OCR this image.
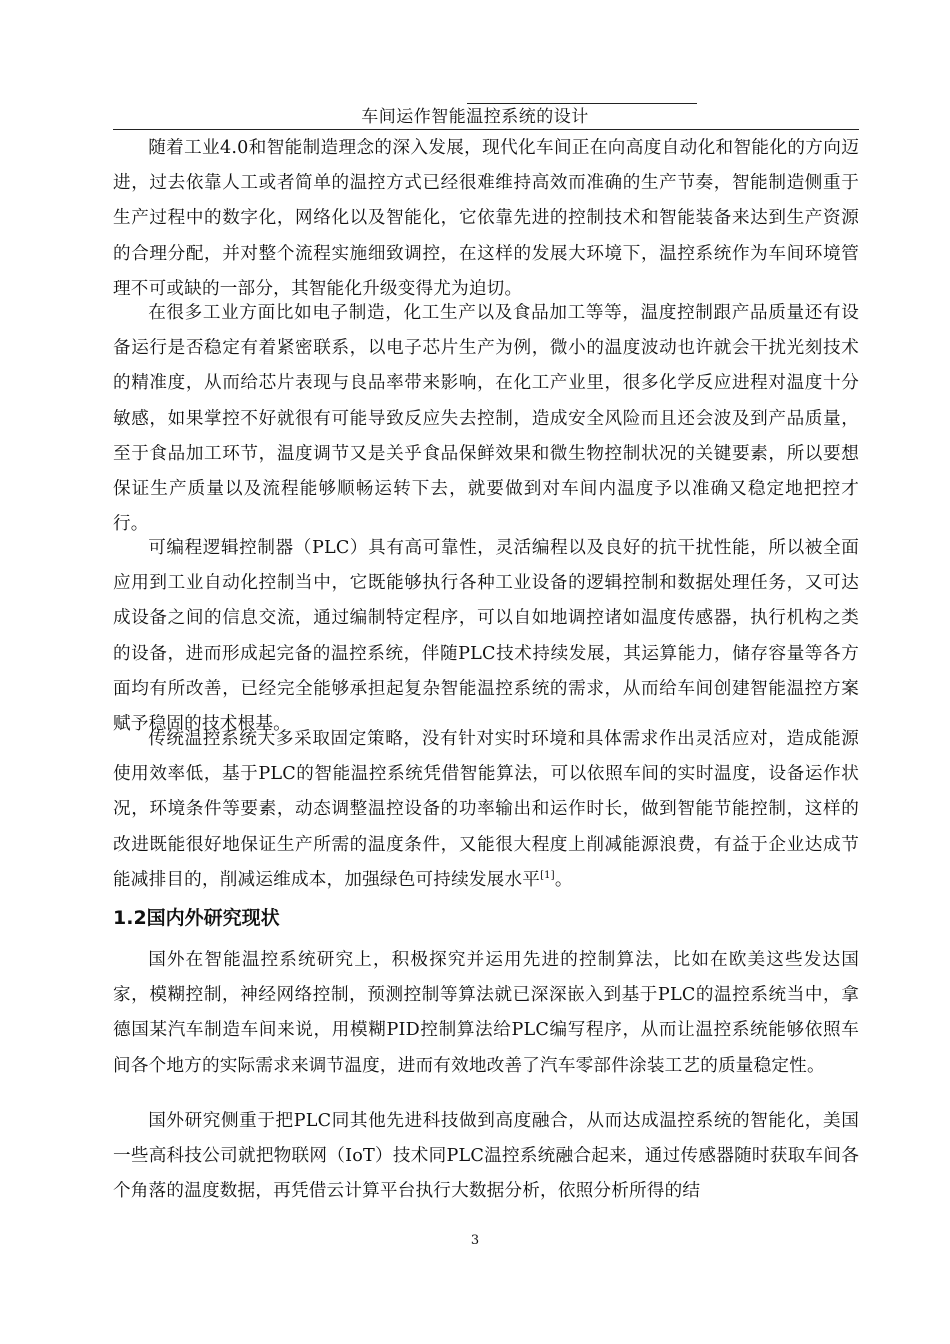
车间运作智能温控系统的设计

随着工业4.0和智能制造理念的深入发展，现代化车间正在向高度自动化和智能化的方向迈进，过去依靠人工或者简单的温控方式已经很难维持高效而准确的生产节奏，智能制造侧重于生产过程中的数字化，网络化以及智能化，它依靠先进的控制技术和智能装备来达到生产资源的合理分配，并对整个流程实施细致调控，在这样的发展大环境下，温控系统作为车间环境管理不可或缺的一部分，其智能化升级变得尤为迫切。

在很多工业方面比如电子制造，化工生产以及食品加工等等，温度控制跟产品质量还有设备运行是否稳定有着紧密联系，以电子芯片生产为例，微小的温度波动也许就会干扰光刻技术的精准度，从而给芯片表现与良品率带来影响，在化工产业里，很多化学反应进程对温度十分敏感，如果掌控不好就很有可能导致反应失去控制，造成安全风险而且还会波及到产品质量，至于食品加工环节，温度调节又是关乎食品保鲜效果和微生物控制状况的关键要素，所以要想保证生产质量以及流程能够顺畅运转下去，就要做到对车间内温度予以准确又稳定地把控才行。

可编程逻辑控制器（PLC）具有高可靠性，灵活编程以及良好的抗干扰性能，所以被全面应用到工业自动化控制当中，它既能够执行各种工业设备的逻辑控制和数据处理任务，又可达成设备之间的信息交流，通过编制特定程序，可以自如地调控诸如温度传感器，执行机构之类的设备，进而形成起完备的温控系统，伴随PLC技术持续发展，其运算能力，储存容量等各方面均有所改善，已经完全能够承担起复杂智能温控系统的需求，从而给车间创建智能温控方案赋予稳固的技术根基。

传统温控系统大多采取固定策略，没有针对实时环境和具体需求作出灵活应对，造成能源使用效率低，基于PLC的智能温控系统凭借智能算法，可以依照车间的实时温度，设备运作状况，环境条件等要素，动态调整温控设备的功率输出和运作时长，做到智能节能控制，这样的改进既能很好地保证生产所需的温度条件，又能很大程度上削减能源浪费，有益于企业达成节能减排目的，削减运维成本，加强绿色可持续发展水平[1]。

1.2国内外研究现状

国外在智能温控系统研究上，积极探究并运用先进的控制算法，比如在欧美这些发达国家，模糊控制，神经网络控制，预测控制等算法就已深深嵌入到基于PLC的温控系统当中，拿德国某汽车制造车间来说，用模糊PID控制算法给PLC编写程序，从而让温控系统能够依照车间各个地方的实际需求来调节温度，进而有效地改善了汽车零部件涂装工艺的质量稳定性。

国外研究侧重于把PLC同其他先进科技做到高度融合，从而达成温控系统的智能化，美国一些高科技公司就把物联网（IoT）技术同PLC温控系统融合起来，通过传感器随时获取车间各个角落的温度数据，再凭借云计算平台执行大数据分析，依照分析所得的结

3
